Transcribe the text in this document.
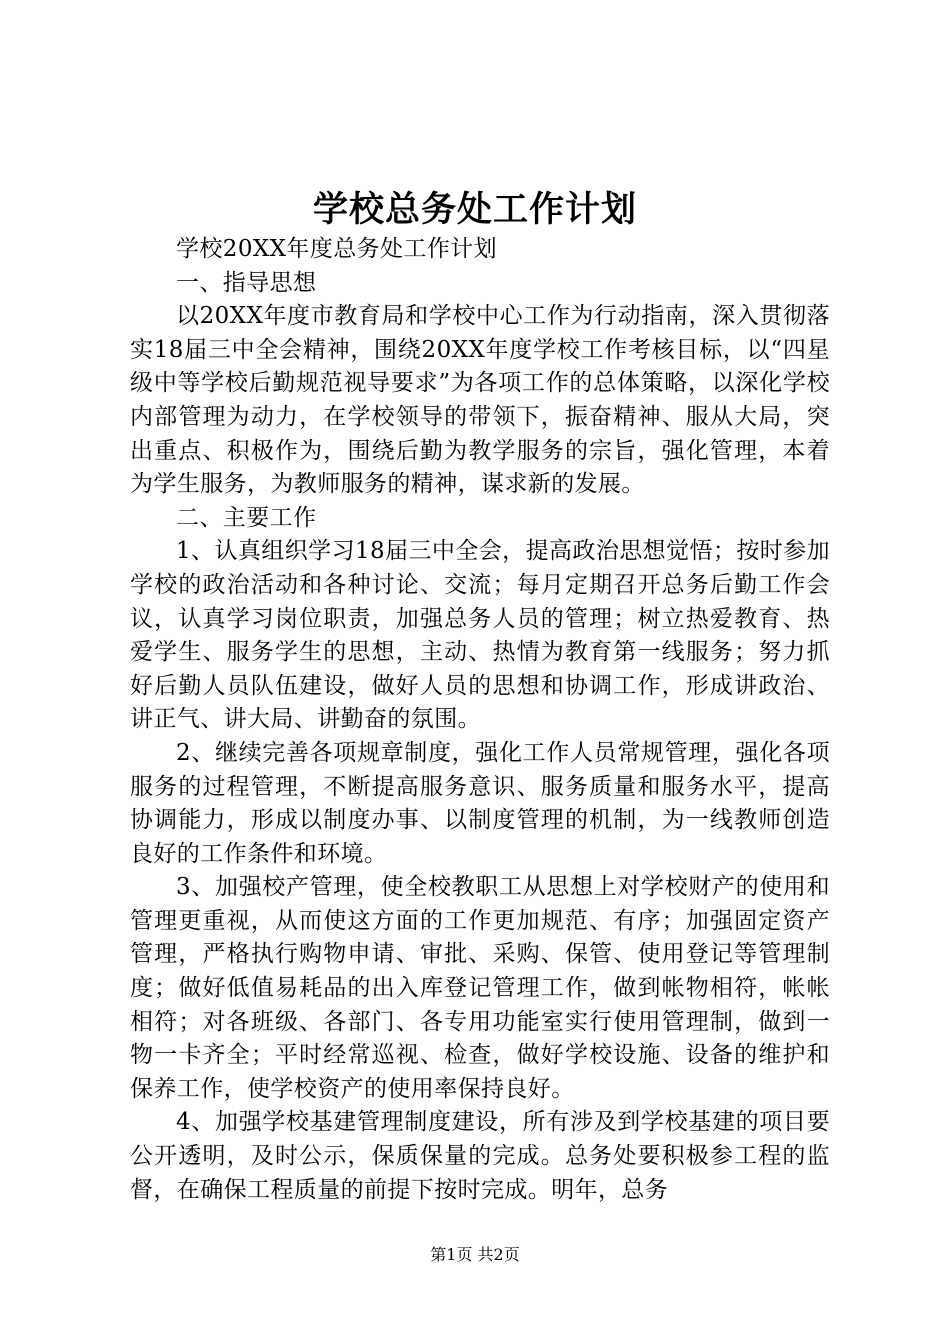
学校总务处工作计划

学校20XX年度总务处工作计划

一、指导思想

以20XX年度市教育局和学校中心工作为行动指南，深入贯彻落实18届三中全会精神，围绕20XX年度学校工作考核目标，以“四星级中等学校后勤规范视导要求”为各项工作的总体策略，以深化学校内部管理为动力，在学校领导的带领下，振奋精神、服从大局，突出重点、积极作为，围绕后勤为教学服务的宗旨，强化管理，本着为学生服务，为教师服务的精神，谋求新的发展。

二、主要工作

1、认真组织学习18届三中全会，提高政治思想觉悟；按时参加学校的政治活动和各种讨论、交流；每月定期召开总务后勤工作会议，认真学习岗位职责，加强总务人员的管理；树立热爱教育、热爱学生、服务学生的思想，主动、热情为教育第一线服务；努力抓好后勤人员队伍建设，做好人员的思想和协调工作，形成讲政治、讲正气、讲大局、讲勤奋的氛围。

2、继续完善各项规章制度，强化工作人员常规管理，强化各项服务的过程管理，不断提高服务意识、服务质量和服务水平，提高协调能力，形成以制度办事、以制度管理的机制，为一线教师创造良好的工作条件和环境。

3、加强校产管理，使全校教职工从思想上对学校财产的使用和管理更重视，从而使这方面的工作更加规范、有序；加强固定资产管理，严格执行购物申请、审批、采购、保管、使用登记等管理制度；做好低值易耗品的出入库登记管理工作，做到帐物相符，帐帐相符；对各班级、各部门、各专用功能室实行使用管理制，做到一物一卡齐全；平时经常巡视、检查，做好学校设施、设备的维护和保养工作，使学校资产的使用率保持良好。

4、加强学校基建管理制度建设，所有涉及到学校基建的项目要公开透明，及时公示，保质保量的完成。总务处要积极参工程的监督，在确保工程质量的前提下按时完成。明年，总务

第1页 共2页
